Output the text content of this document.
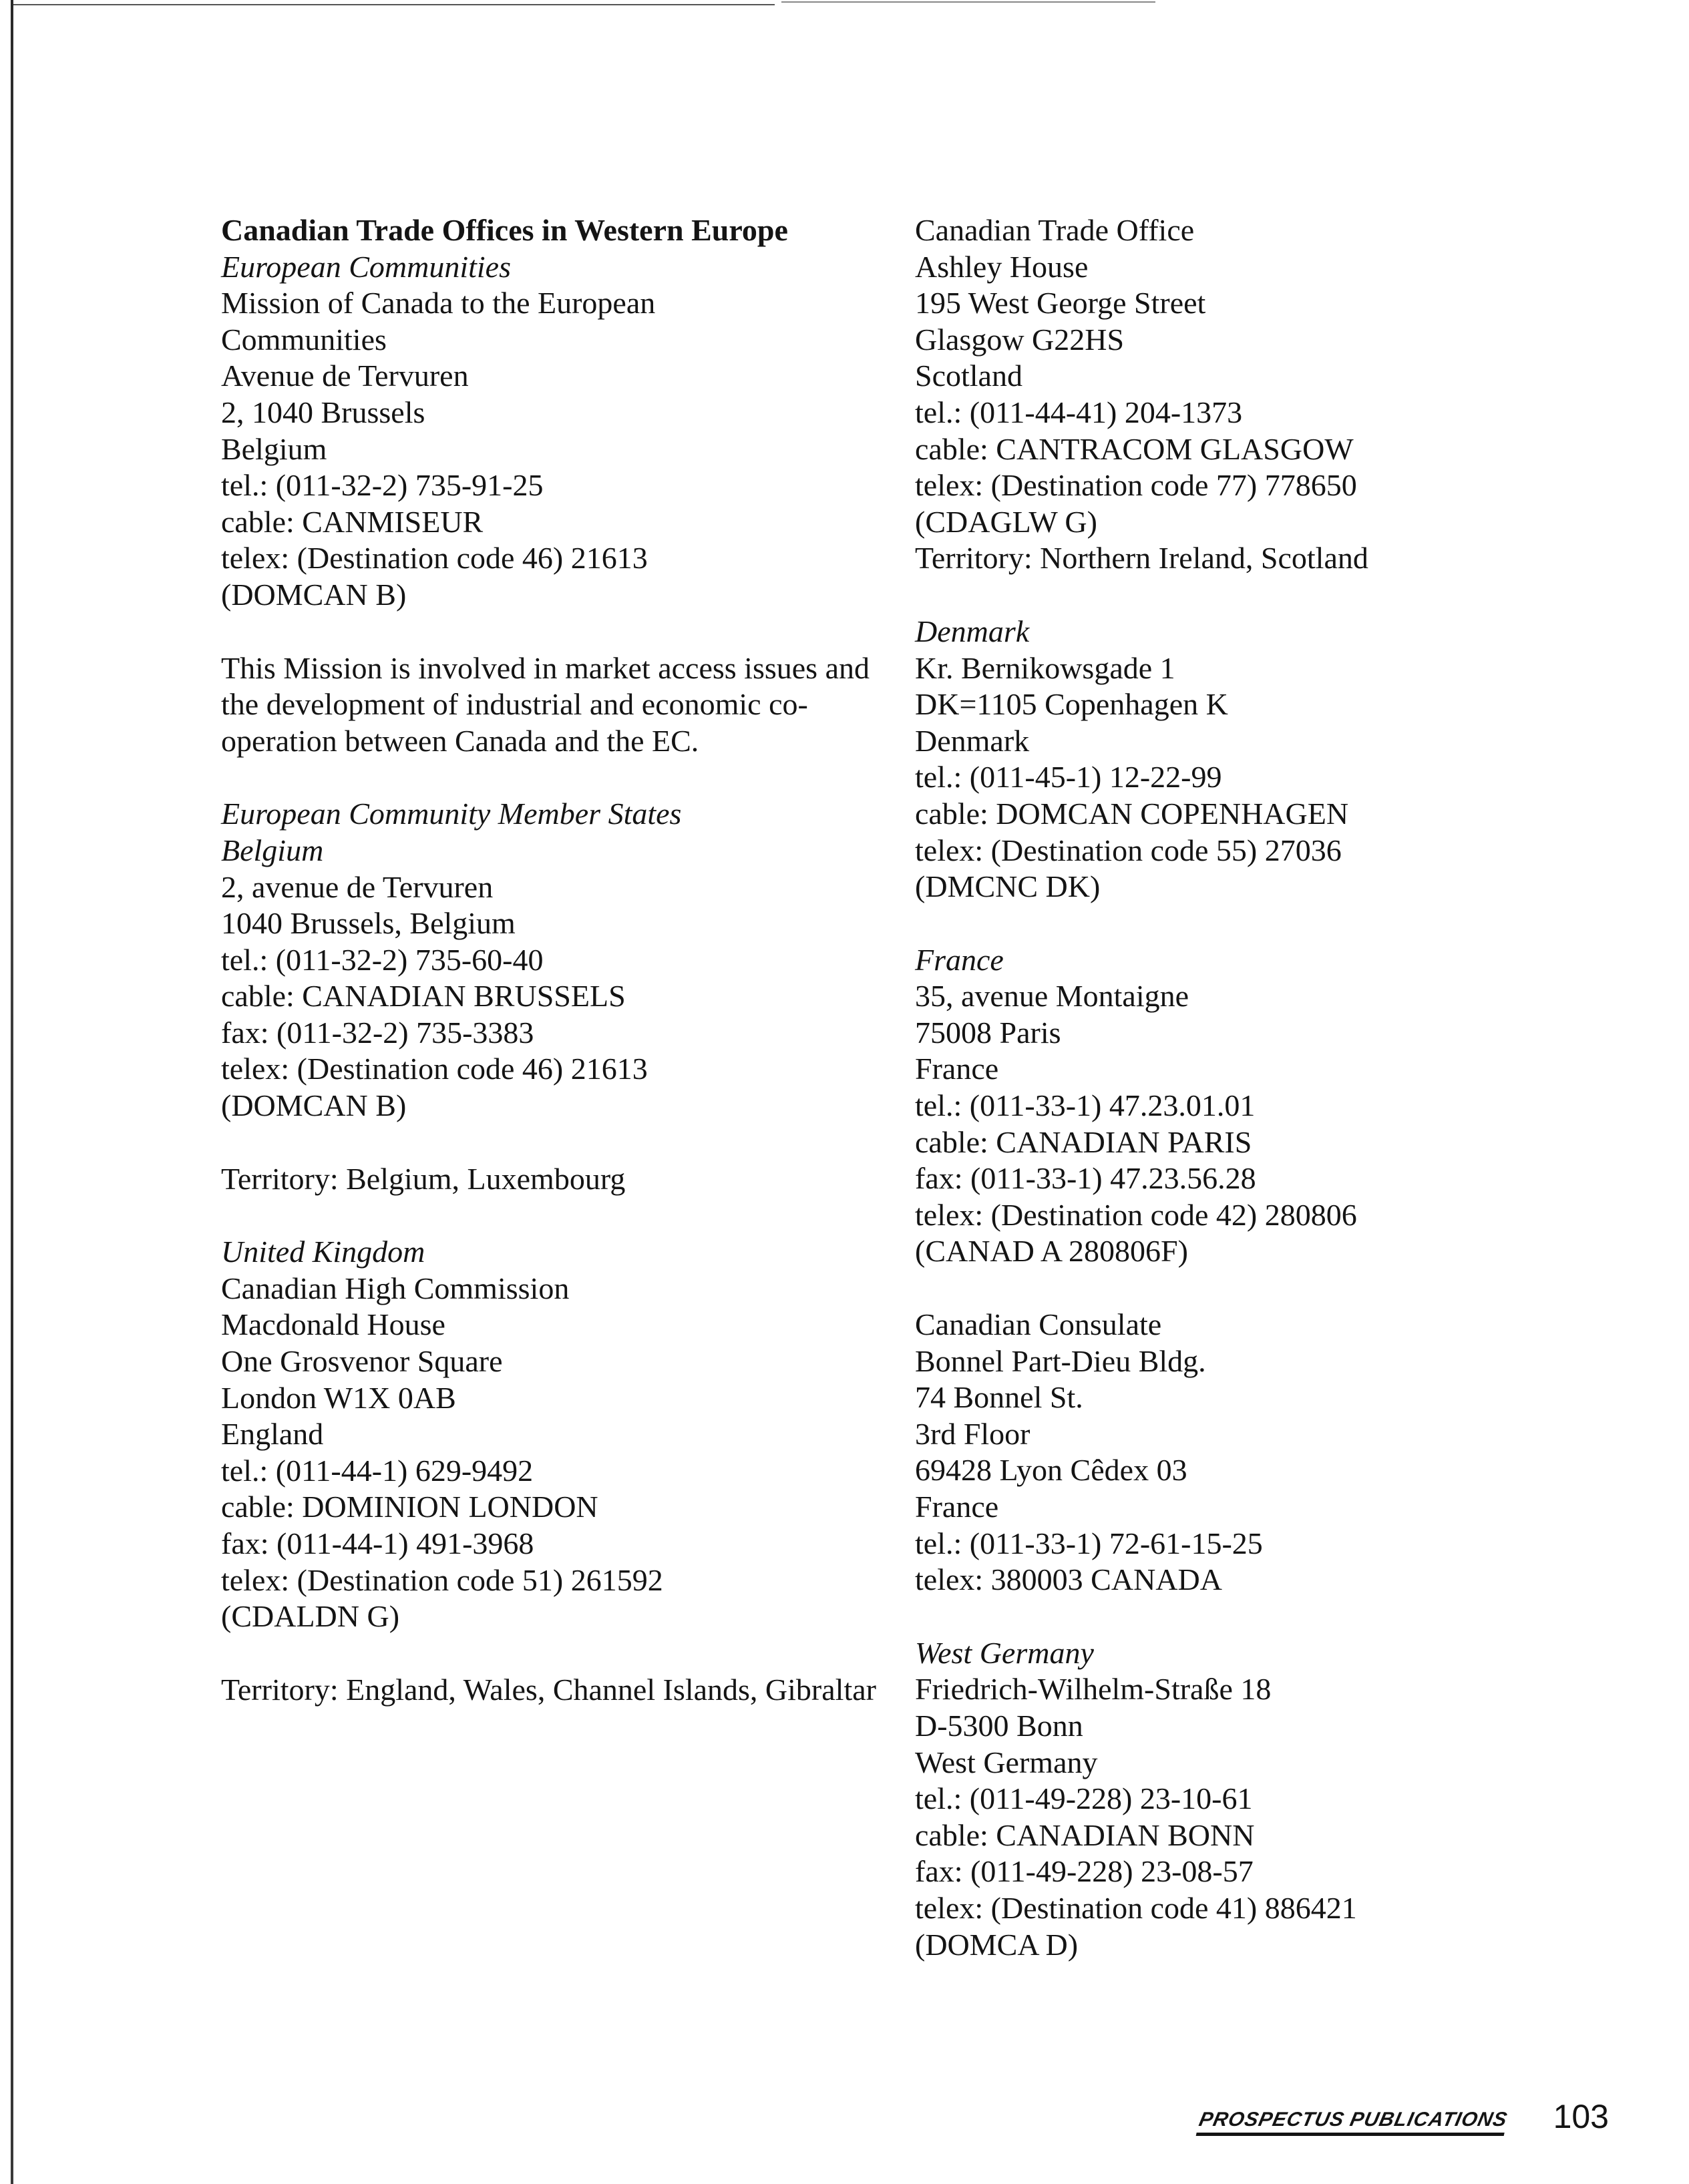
Canadian Trade Offices in Western Europe
European Communities
Mission of Canada to the European
Communities
Avenue de Tervuren
2, 1040 Brussels
Belgium
tel.: (011-32-2) 735-91-25
cable: CANMISEUR
telex: (Destination code 46) 21613
(DOMCAN B)
This Mission is involved in market access issues and
the development of industrial and economic co-
operation between Canada and the EC.
European Community Member States
Belgium
2, avenue de Tervuren
1040 Brussels, Belgium
tel.: (011-32-2) 735-60-40
cable: CANADIAN BRUSSELS
fax: (011-32-2) 735-3383
telex: (Destination code 46) 21613
(DOMCAN B)
Territory: Belgium, Luxembourg
United Kingdom
Canadian High Commission
Macdonald House
One Grosvenor Square
London W1X 0AB
England
tel.: (011-44-1) 629-9492
cable: DOMINION LONDON
fax: (011-44-1) 491-3968
telex: (Destination code 51) 261592
(CDALDN G)
Territory: England, Wales, Channel Islands, Gibraltar
Canadian Trade Office
Ashley House
195 West George Street
Glasgow G22HS
Scotland
tel.: (011-44-41) 204-1373
cable: CANTRACOM GLASGOW
telex: (Destination code 77) 778650
(CDAGLW G)
Territory: Northern Ireland, Scotland
Denmark
Kr. Bernikowsgade 1
DK=1105 Copenhagen K
Denmark
tel.: (011-45-1) 12-22-99
cable: DOMCAN COPENHAGEN
telex: (Destination code 55) 27036
(DMCNC DK)
France
35, avenue Montaigne
75008 Paris
France
tel.: (011-33-1) 47.23.01.01
cable: CANADIAN PARIS
fax: (011-33-1) 47.23.56.28
telex: (Destination code 42) 280806
(CANAD A 280806F)
Canadian Consulate
Bonnel Part-Dieu Bldg.
74 Bonnel St.
3rd Floor
69428 Lyon Cêdex 03
France
tel.: (011-33-1) 72-61-15-25
telex: 380003 CANADA
West Germany
Friedrich-Wilhelm-Straße 18
D-5300 Bonn
West Germany
tel.: (011-49-228) 23-10-61
cable: CANADIAN BONN
fax: (011-49-228) 23-08-57
telex: (Destination code 41) 886421
(DOMCA D)
PROSPECTUS PUBLICATIONS 103
